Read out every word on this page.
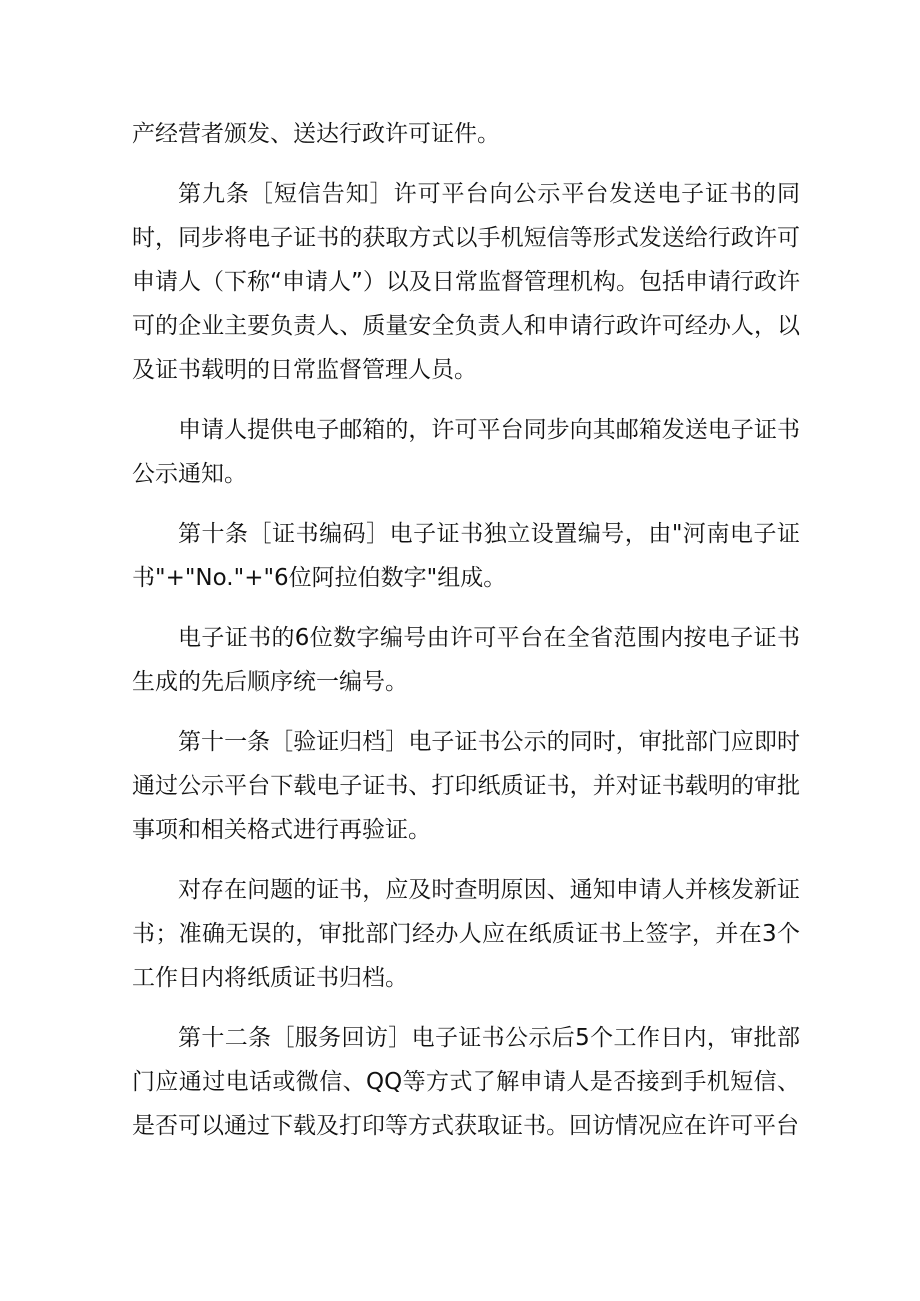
产经营者颁发、送达行政许可证件。

第九条［短信告知］许可平台向公示平台发送电子证书的同时，同步将电子证书的获取方式以手机短信等形式发送给行政许可申请人（下称“申请人”）以及日常监督管理机构。包括申请行政许可的企业主要负责人、质量安全负责人和申请行政许可经办人，以及证书载明的日常监督管理人员。

申请人提供电子邮箱的，许可平台同步向其邮箱发送电子证书公示通知。

第十条［证书编码］电子证书独立设置编号，由"河南电子证书"+"No."+"6位阿拉伯数字"组成。

电子证书的6位数字编号由许可平台在全省范围内按电子证书生成的先后顺序统一编号。

第十一条［验证归档］电子证书公示的同时，审批部门应即时通过公示平台下载电子证书、打印纸质证书，并对证书载明的审批事项和相关格式进行再验证。

对存在问题的证书，应及时查明原因、通知申请人并核发新证书；准确无误的，审批部门经办人应在纸质证书上签字，并在3个工作日内将纸质证书归档。

第十二条［服务回访］电子证书公示后5个工作日内，审批部门应通过电话或微信、QQ等方式了解申请人是否接到手机短信、是否可以通过下载及打印等方式获取证书。回访情况应在许可平台
